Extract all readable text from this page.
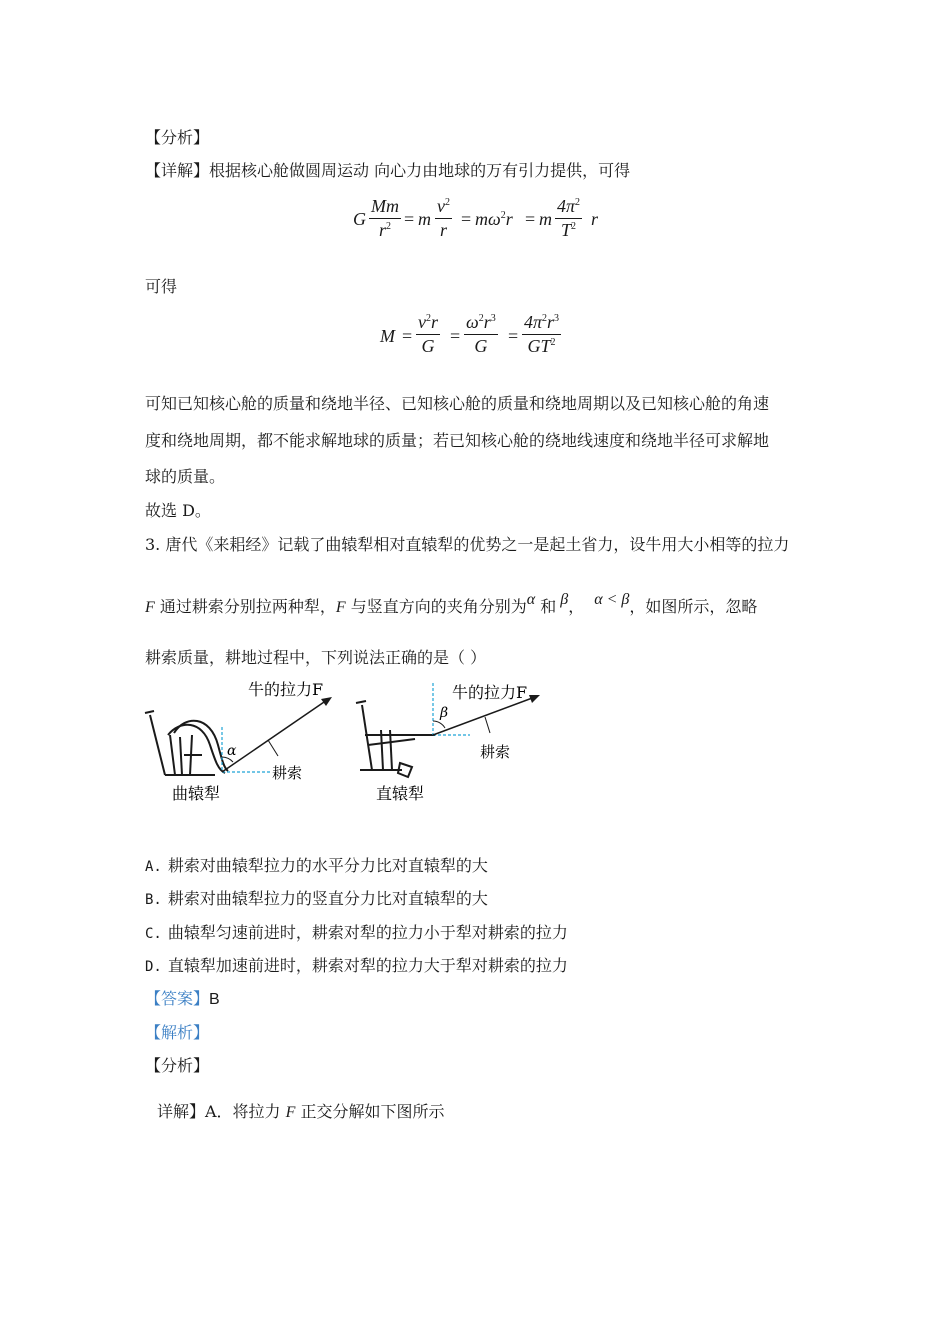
【分析】
【详解】根据核心舱做圆周运动 向心力由地球的万有引力提供，可得
G $\frac{Mm}{r^2} = m \frac{v^2}{r} = m\omega^2r = m \frac{4\pi^2}{T^2}$ r
可得
$M = \frac{v^2r}{G} = \frac{\omega^2r^3}{G} = \frac{4\pi^2r^3}{GT^2}$
可知已知核心舱的质量和绕地半径、已知核心舱的质量和绕地周期以及已知核心舱的角速
度和绕地周期，都不能求解地球的质量；若已知核心舱的绕地线速度和绕地半径可求解地
球的质量。
故选 D。
3. 唐代《来耜经》记载了曲辕犁相对直辕犁的优势之一是起土省力，设牛用大小相等的拉力
F 通过耕索分别拉两种犁，F 与竖直方向的夹角分别为α 和 β， α < β，如图所示，忽略
耕索质量，耕地过程中，下列说法正确的是（ ）
牛的拉力F
α
耕索
曲辕犁
牛的拉力F
β
耕索
直辕犁
A. 耕索对曲辕犁拉力的水平分力比对直辕犁的大
B. 耕索对曲辕犁拉力的竖直分力比对直辕犁的大
C. 曲辕犁匀速前进时，耕索对犁的拉力小于犁对耕索的拉力
D. 直辕犁加速前进时，耕索对犁的拉力大于犁对耕索的拉力
【答案】B
【解析】
【分析】
详解】A．将拉力 F 正交分解如下图所示
